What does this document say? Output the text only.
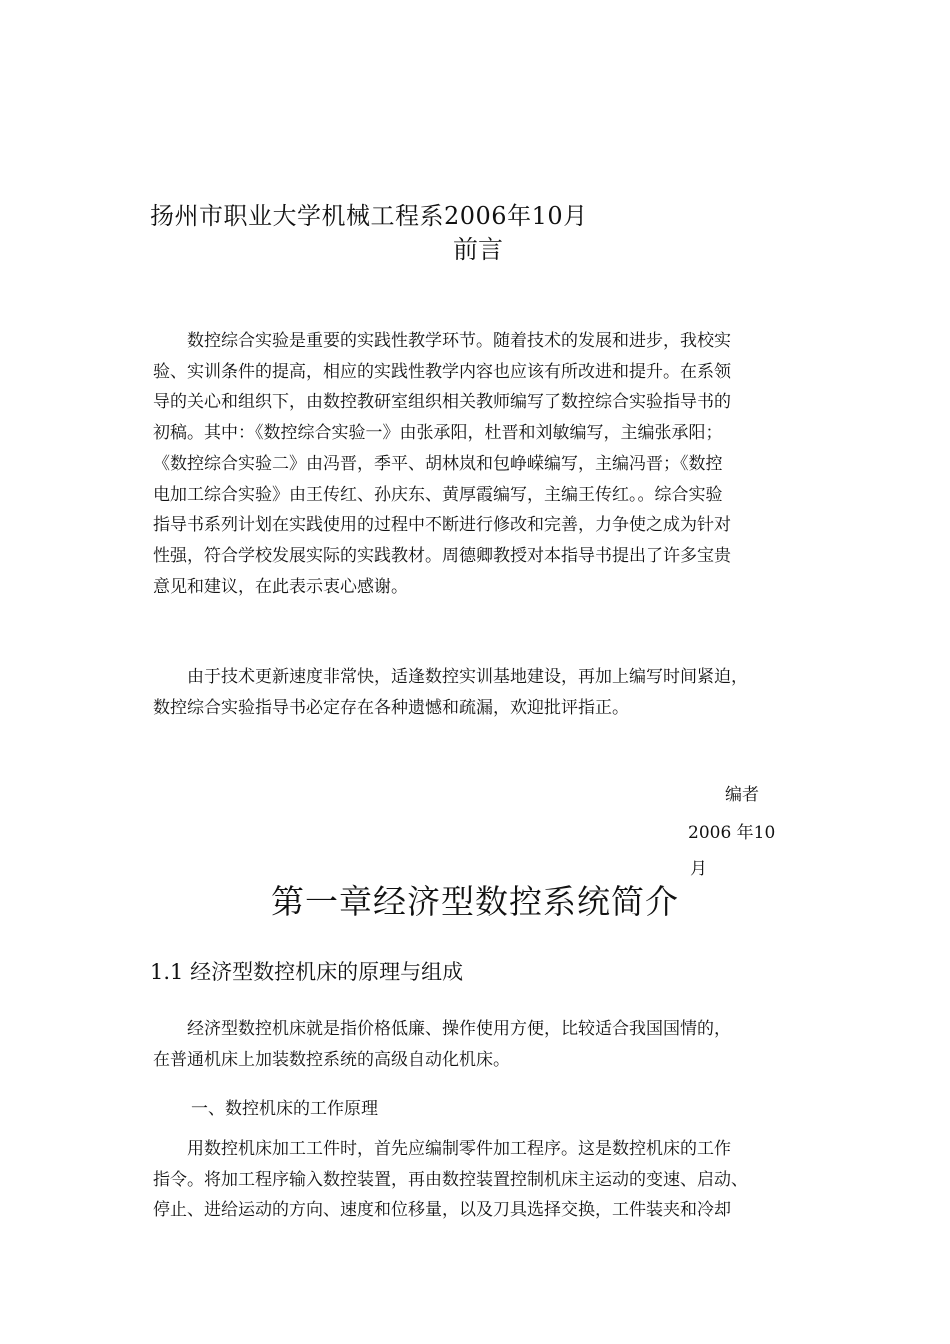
扬州市职业大学机械工程系2006年10月
前言
　　数控综合实验是重要的实践性教学环节。随着技术的发展和进步，我校实
验、实训条件的提高，相应的实践性教学内容也应该有所改进和提升。在系领
导的关心和组织下，由数控教研室组织相关教师编写了数控综合实验指导书的
初稿。其中：《数控综合实验一》由张承阳，杜晋和刘敏编写，主编张承阳；
《数控综合实验二》由冯晋，季平、胡林岚和包峥嵘编写，主编冯晋；《数控
电加工综合实验》由王传红、孙庆东、黄厚霞编写，主编王传红。。综合实验
指导书系列计划在实践使用的过程中不断进行修改和完善，力争使之成为针对
性强，符合学校发展实际的实践教材。周德卿教授对本指导书提出了许多宝贵
意见和建议，在此表示衷心感谢。
　　由于技术更新速度非常快，适逢数控实训基地建设，再加上编写时间紧迫，
数控综合实验指导书必定存在各种遗憾和疏漏，欢迎批评指正。
编者
2006 年10
月
第一章经济型数控系统简介
1.1 经济型数控机床的原理与组成
　　经济型数控机床就是指价格低廉、操作使用方便，比较适合我国国情的，
在普通机床上加装数控系统的高级自动化机床。
一、数控机床的工作原理
　　用数控机床加工工件时，首先应编制零件加工程序。这是数控机床的工作
指令。将加工程序输入数控装置，再由数控装置控制机床主运动的变速、启动、
停止、进给运动的方向、速度和位移量，以及刀具选择交换，工件装夹和冷却
